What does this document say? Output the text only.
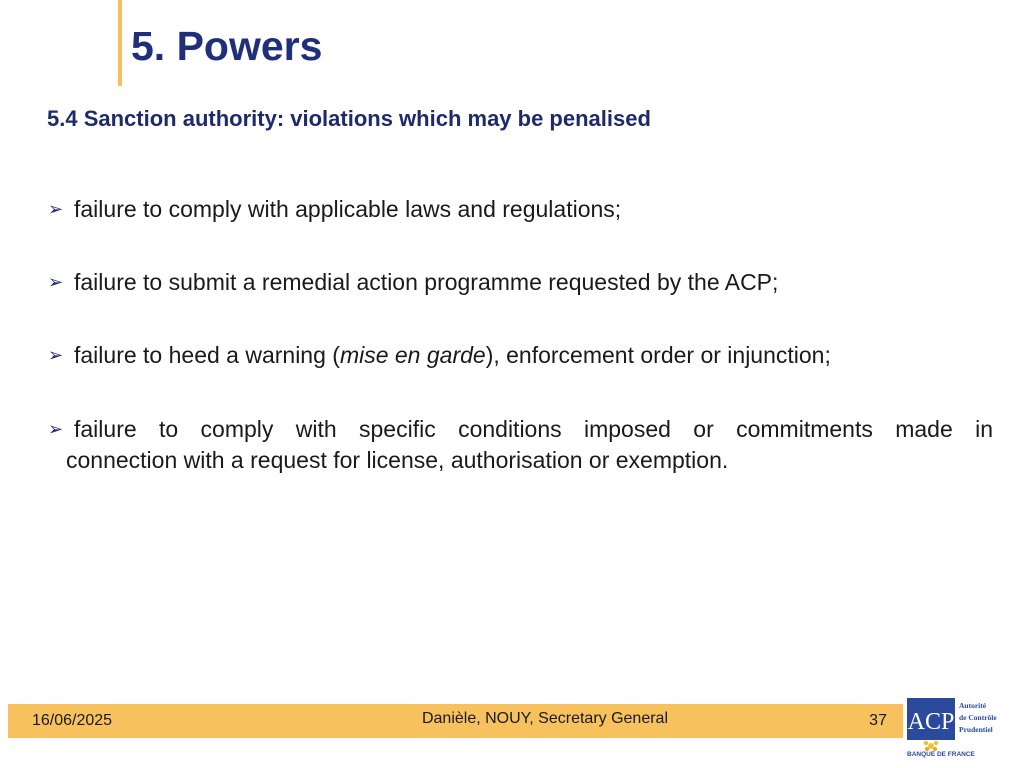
5. Powers
5.4 Sanction authority: violations which may be penalised
➢ failure to comply with applicable laws and regulations;
➢ failure to submit a remedial action programme requested by the ACP;
➢ failure to heed a warning (mise en garde), enforcement order or injunction;
➢ failure to comply with specific conditions imposed or commitments made in
connection with a request for license, authorisation or exemption.
16/06/2025	Danièle, NOUY, Secretary General	37 ACP
Autorité
de Contrôle
Prudentiel
BANQUE DE FRANCE
